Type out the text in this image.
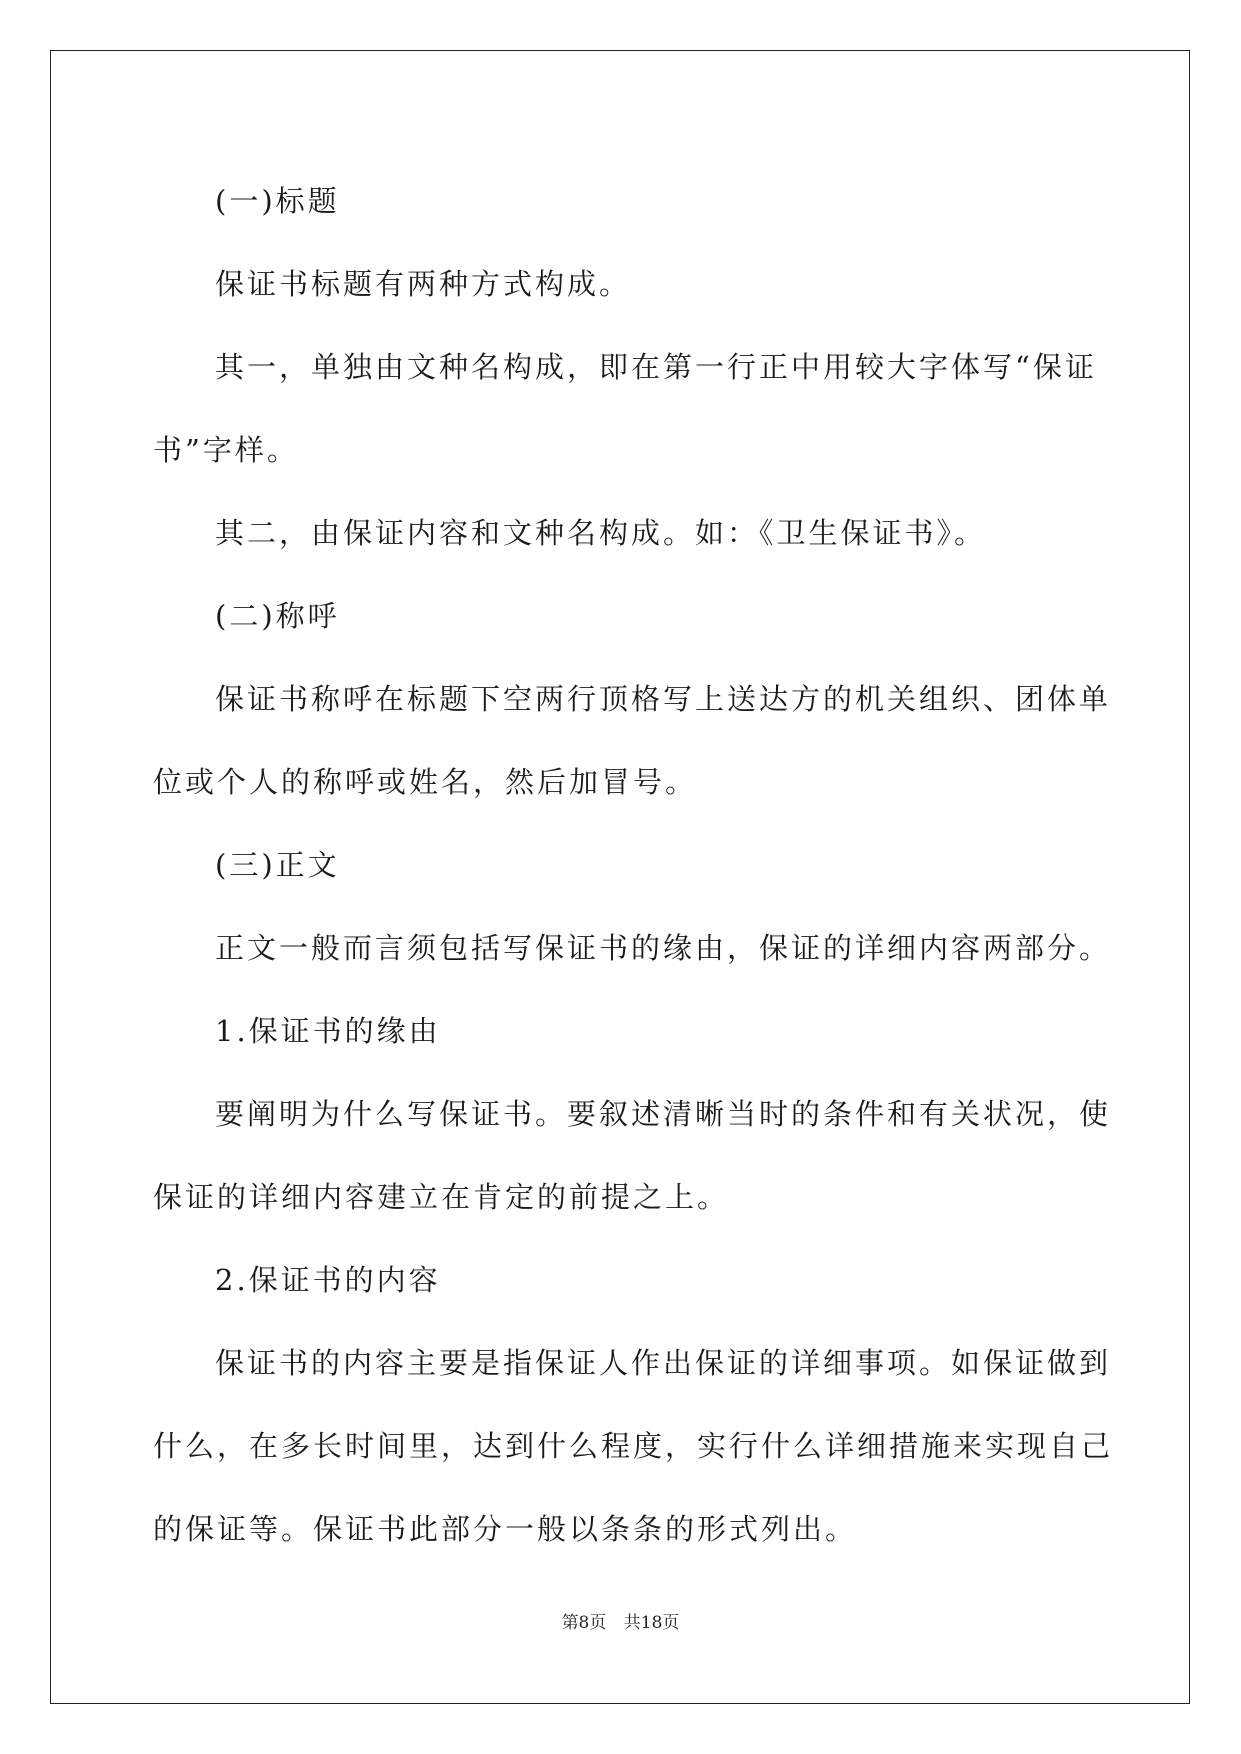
(一)标题
保证书标题有两种方式构成。
其一，单独由文种名构成，即在第一行正中用较大字体写“保证
书”字样。
其二，由保证内容和文种名构成。如：《卫生保证书》。
(二)称呼
保证书称呼在标题下空两行顶格写上送达方的机关组织、团体单
位或个人的称呼或姓名，然后加冒号。
(三)正文
正文一般而言须包括写保证书的缘由，保证的详细内容两部分。
1.保证书的缘由
要阐明为什么写保证书。要叙述清晰当时的条件和有关状况，使
保证的详细内容建立在肯定的前提之上。
2.保证书的内容
保证书的内容主要是指保证人作出保证的详细事项。如保证做到
什么，在多长时间里，达到什么程度，实行什么详细措施来实现自己
的保证等。保证书此部分一般以条条的形式列出。
第8页 共18页
